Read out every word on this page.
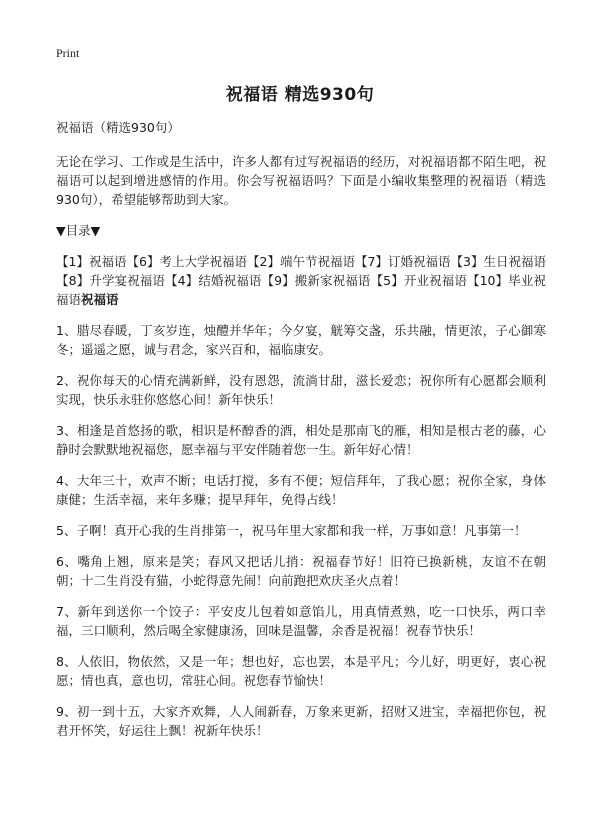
Print
祝福语 精选930句

祝福语（精选930句）

无论在学习、工作或是生活中，许多人都有过写祝福语的经历，对祝福语都不陌生吧，祝福语可以起到增进感情的作用。你会写祝福语吗？下面是小编收集整理的祝福语（精选930句），希望能够帮助到大家。

▼目录▼

【1】祝福语【6】考上大学祝福语【2】端午节祝福语【7】订婚祝福语【3】生日祝福语【8】升学宴祝福语【4】结婚祝福语【9】搬新家祝福语【5】开业祝福语【10】毕业祝福语祝福语

1、腊尽春暖，丁亥岁连，烛醴并华年；今夕宴，觥筹交盏，乐共融，情更浓，子心御寒冬；遥遥之愿，诚与君念，家兴百和，福临康安。

2、祝你每天的心情充满新鲜，没有恩怨，流淌甘甜，滋长爱恋；祝你所有心愿都会顺利实现，快乐永驻你悠悠心间！新年快乐！

3、相逢是首悠扬的歌，相识是杯醇香的酒，相处是那南飞的雁，相知是根古老的藤，心静时会默默地祝福您，愿幸福与平安伴随着您一生。新年好心情！

4、大年三十，欢声不断；电话打搅，多有不便；短信拜年，了我心愿；祝你全家，身体康健；生活幸福，来年多赚；提早拜年，免得占线！

5、子啊！真开心我的生肖排第一，祝马年里大家都和我一样，万事如意！凡事第一！

6、嘴角上翘，原来是笑；春风又把话儿捎：祝福春节好！旧符已换新桃，友谊不在朝朝；十二生肖没有猫，小蛇得意先闹！向前跑把欢庆圣火点着！

7、新年到送你一个饺子：平安皮儿包着如意馅儿，用真情煮熟，吃一口快乐，两口幸福，三口顺利，然后喝全家健康汤，回味是温馨，余香是祝福！祝春节快乐！

8、人依旧，物依然，又是一年；想也好，忘也罢，本是平凡；今儿好，明更好，衷心祝愿；情也真，意也切，常驻心间。祝您春节愉快！

9、初一到十五，大家齐欢舞，人人闹新春，万象来更新，招财又进宝，幸福把你包，祝君开怀笑，好运往上飘！祝新年快乐！
